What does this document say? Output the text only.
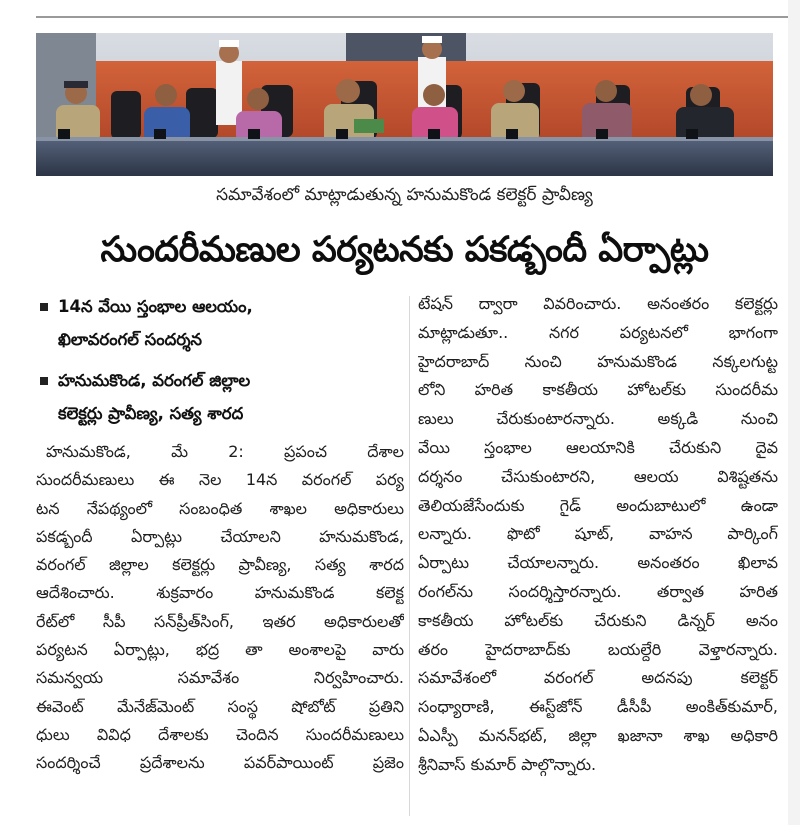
సమావేశంలో మాట్లాడుతున్న హనుమకొండ కలెక్టర్ ప్రావీణ్య
సుందరీమణుల పర్యటనకు పకడ్బందీ ఏర్పాట్లు
14న వేయి స్తంభాల ఆలయం,
ఖిలావరంగల్ సందర్శన
హనుమకొండ, వరంగల్ జిల్లాల
కలెక్టర్లు ప్రావీణ్య, సత్య శారద
హనుమకొండ, మే 2: ప్రపంచ దేశాల
సుందరీమణులు ఈ నెల 14న వరంగల్ పర్య
టన నేపథ్యంలో సంబంధిత శాఖల అధికారులు
పకడ్బందీ ఏర్పాట్లు చేయాలని హనుమకొండ,
వరంగల్ జిల్లాల కలెక్టర్లు ప్రావీణ్య, సత్య శారద
ఆదేశించారు. శుక్రవారం హనుమకొండ కలెక్ట
రేట్‌లో సీపీ సన్‌ప్రీత్‌సింగ్, ఇతర అధికారులతో
పర్యటన ఏర్పాట్లు, భద్ర తా అంశాలపై వారు
సమన్వయ సమావేశం నిర్వహించారు.
ఈవెంట్ మేనేజ్‌మెంట్ సంస్థ షోబోట్ ప్రతిని
ధులు వివిధ దేశాలకు చెందిన సుందరీమణులు
సందర్శించే ప్రదేశాలను పవర్‌పాయింట్ ప్రజెం
టేషన్ ద్వారా వివరించారు. అనంతరం కలెక్టర్లు
మాట్లాడుతూ.. నగర పర్యటనలో భాగంగా
హైదరాబాద్ నుంచి హనుమకొండ నక్కలగుట్ట
లోని హరిత కాకతీయ హోటల్‌కు సుందరీమ
ణులు చేరుకుంటారన్నారు. అక్కడి నుంచి
వేయి స్తంభాల ఆలయానికి చేరుకుని దైవ
దర్శనం చేసుకుంటారని, ఆలయ విశిష్టతను
తెలియజేసేందుకు గైడ్ అందుబాటులో ఉండా
లన్నారు. ఫొటో షూట్, వాహన పార్కింగ్
ఏర్పాటు చేయాలన్నారు. అనంతరం ఖిలావ
రంగల్‌ను సందర్శిస్తారన్నారు. తర్వాత హరిత
కాకతీయ హోటల్‌కు చేరుకుని డిన్నర్ అనం
తరం హైదరాబాద్‌కు బయల్దేరి వెళ్తారన్నారు.
సమావేశంలో వరంగల్ అదనపు కలెక్టర్
సంధ్యారాణి, ఈస్ట్‌జోన్ డీసీపీ అంకిత్‌కుమార్,
ఏఎస్పీ మనన్‌భట్, జిల్లా ఖజానా శాఖ అధికారి
శ్రీనివాస్ కుమార్ పాల్గొన్నారు.
